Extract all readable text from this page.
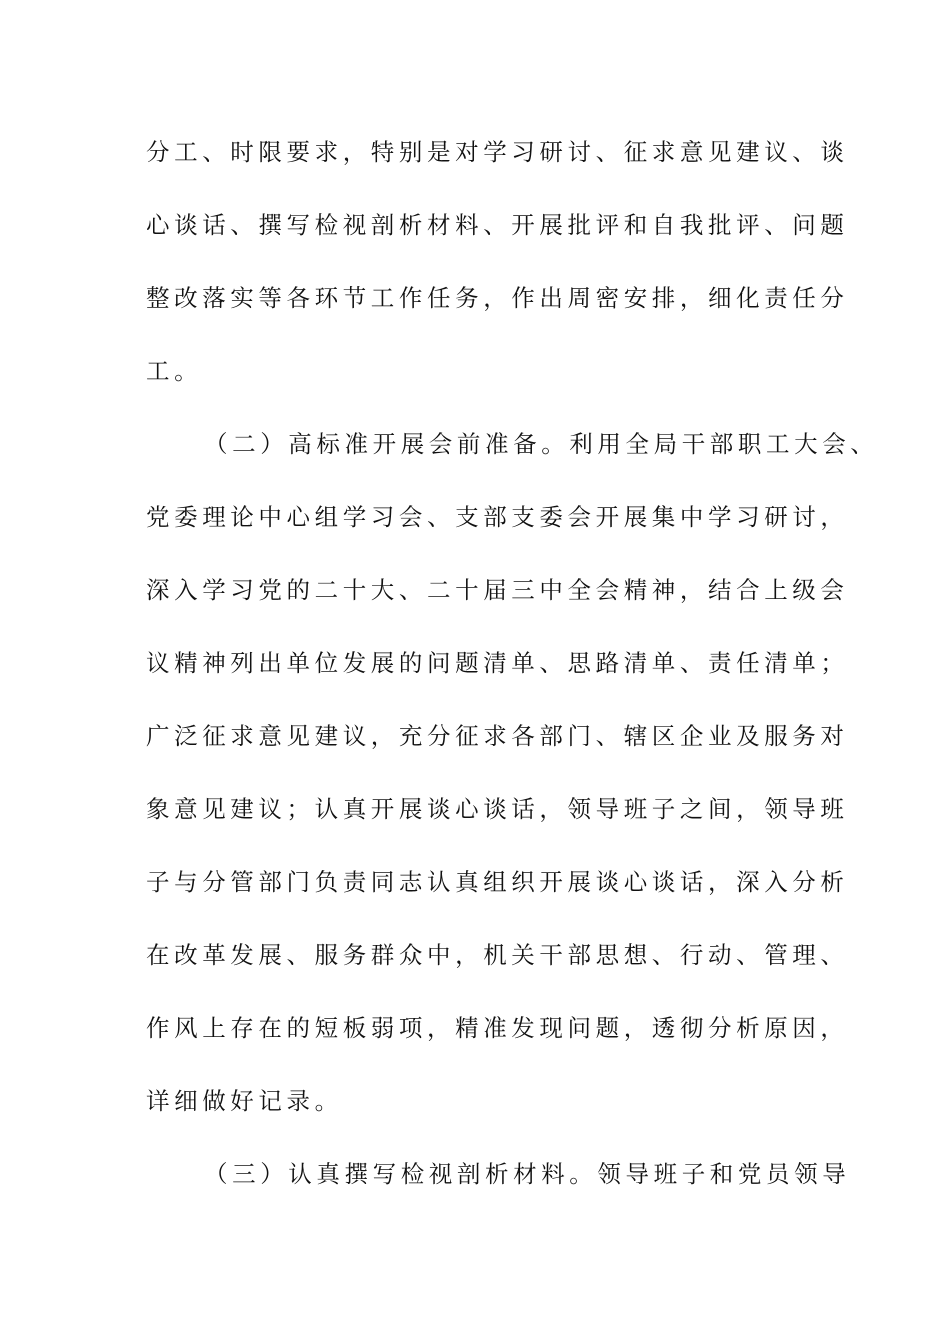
分工、时限要求，特别是对学习研讨、征求意见建议、谈
心谈话、撰写检视剖析材料、开展批评和自我批评、问题
整改落实等各环节工作任务，作出周密安排，细化责任分
工。
（二）高标准开展会前准备。利用全局干部职工大会、
党委理论中心组学习会、支部支委会开展集中学习研讨，
深入学习党的二十大、二十届三中全会精神，结合上级会
议精神列出单位发展的问题清单、思路清单、责任清单；
广泛征求意见建议，充分征求各部门、辖区企业及服务对
象意见建议；认真开展谈心谈话，领导班子之间，领导班
子与分管部门负责同志认真组织开展谈心谈话，深入分析
在改革发展、服务群众中，机关干部思想、行动、管理、
作风上存在的短板弱项，精准发现问题，透彻分析原因，
详细做好记录。
（三）认真撰写检视剖析材料。领导班子和党员领导
